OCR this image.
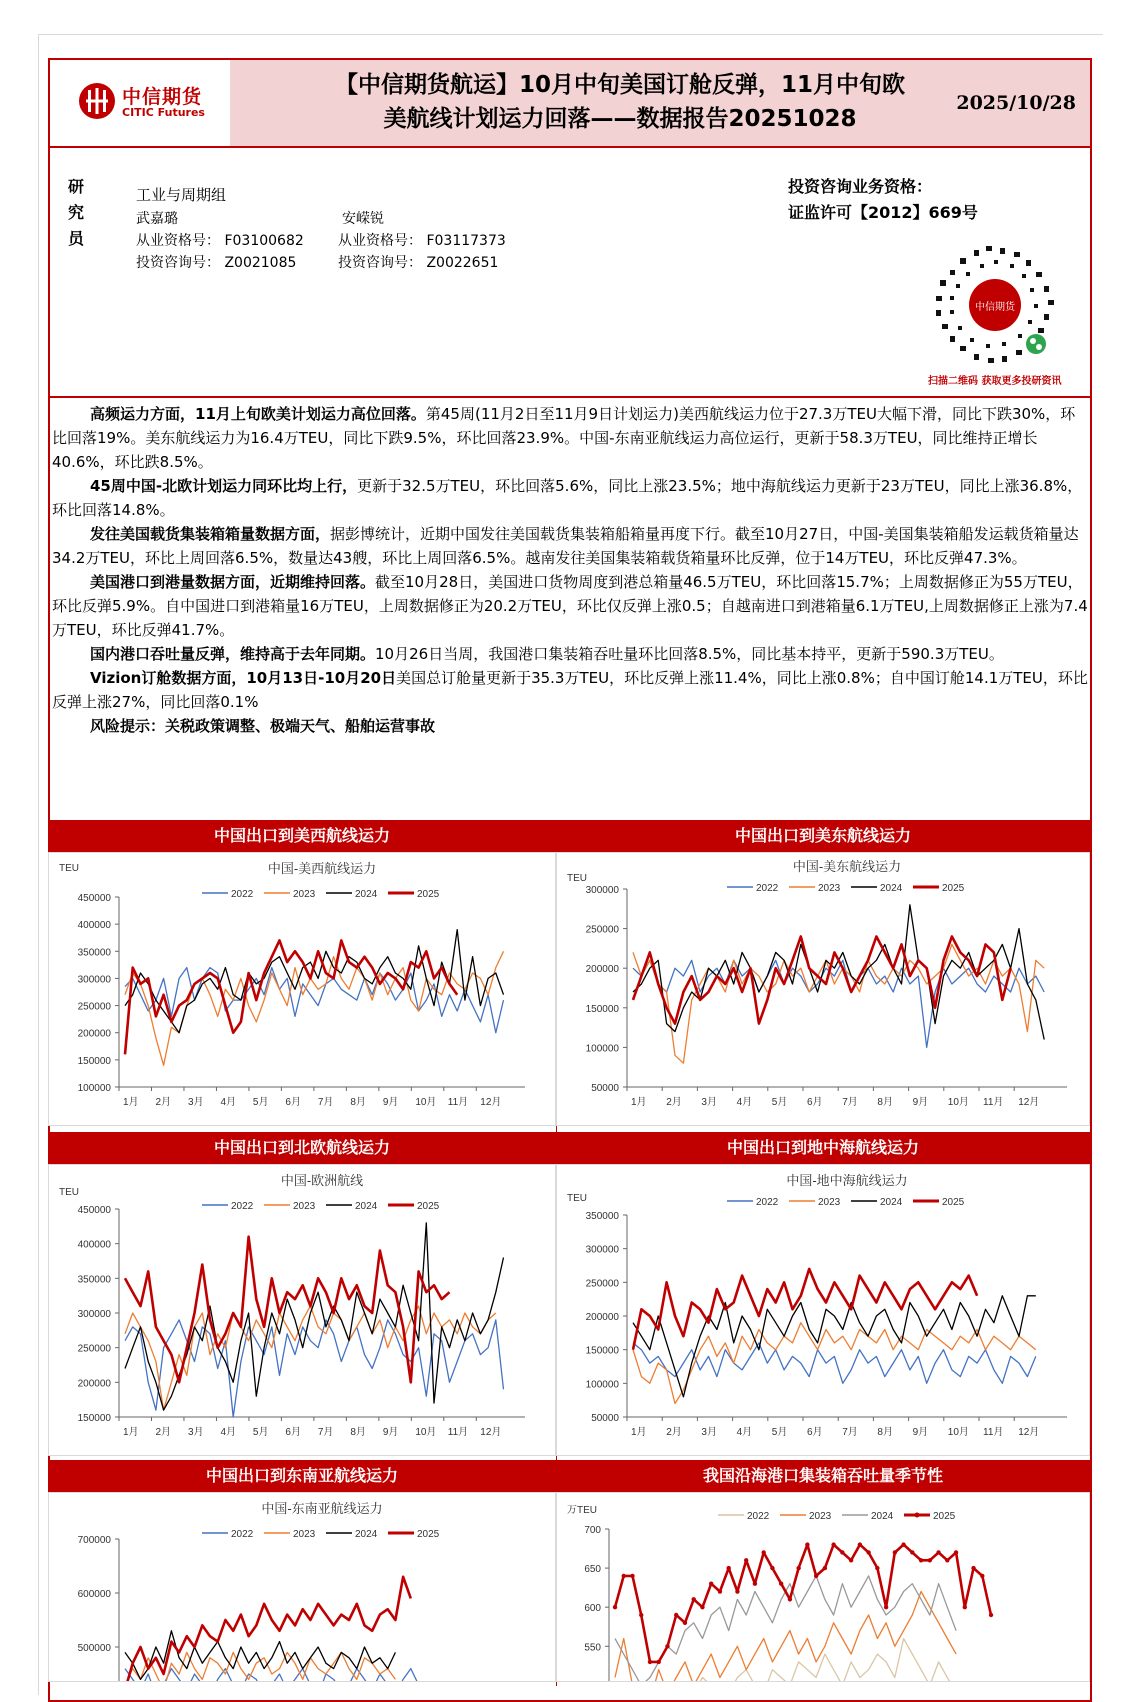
中信期货
CITIC Futures
【中信期货航运】10月中旬美国订舱反弹，11月中旬欧
美航线计划运力回落——数据报告20251028
2025/10/28
研究员
工业与周期组
武嘉璐
从业资格号： F03100682
投资咨询号： Z0021085
安嵘锐
从业资格号： F03117373
投资咨询号： Z0022651
投资咨询业务资格：
证监许可【2012】669号
中信期货
扫描二维码 获取更多投研资讯

高频运力方面，11月上旬欧美计划运力高位回落。第45周(11月2日至11月9日计划运力)美西航线运力位于27.3万TEU大幅下滑，同比下跌30%，环比回落19%。美东航线运力为16.4万TEU，同比下跌9.5%，环比回落23.9%。中国-东南亚航线运力高位运行，更新于58.3万TEU，同比维持正增长40.6%，环比跌8.5%。

45周中国-北欧计划运力同环比均上行，更新于32.5万TEU，环比回落5.6%，同比上涨23.5%；地中海航线运力更新于23万TEU，同比上涨36.8%，环比回落14.8%。

发往美国载货集装箱箱量数据方面，据彭博统计，近期中国发往美国载货集装箱船箱量再度下行。截至10月27日，中国-美国集装箱船发运载货箱量达34.2万TEU，环比上周回落6.5%，数量达43艘，环比上周回落6.5%。越南发往美国集装箱载货箱量环比反弹，位于14万TEU，环比反弹47.3%。

美国港口到港量数据方面，近期维持回落。截至10月28日，美国进口货物周度到港总箱量46.5万TEU，环比回落15.7%；上周数据修正为55万TEU，环比反弹5.9%。自中国进口到港箱量16万TEU，上周数据修正为20.2万TEU，环比仅反弹上涨0.5；自越南进口到港箱量6.1万TEU,上周数据修正上涨为7.4万TEU，环比反弹41.7%。

国内港口吞吐量反弹，维持高于去年同期。10月26日当周，我国港口集装箱吞吐量环比回落8.5%，同比基本持平，更新于590.3万TEU。

Vizion订舱数据方面，10月13日-10月20日美国总订舱量更新于35.3万TEU，环比反弹上涨11.4%，同比上涨0.8%；自中国订舱14.1万TEU，环比反弹上涨27%，同比回落0.1%

风险提示：关税政策调整、极端天气、船舶运营事故

中国出口到美西航线运力	中国出口到美东航线运力
中国出口到北欧航线运力	中国出口到地中海航线运力
中国出口到东南亚航线运力	我国沿海港口集装箱吞吐量季节性
中国-美西航线运力
TEU
2022	2023	2024	2025
100000
150000
200000
250000
300000
350000
400000
450000
1月 2月 3月 4月 5月 6月 7月 8月 9月 10月 11月 12月
中国-美东航线运力
TEU
2022	2023	2024	2025
50000
100000
150000
200000
250000
300000
1月 2月 3月 4月 5月 6月 7月 8月 9月 10月 11月 12月
中国-欧洲航线
TEU
2022	2023	2024	2025
150000
200000
250000
300000
350000
400000
450000
1月 2月 3月 4月 5月 6月 7月 8月 9月 10月 11月 12月
中国-地中海航线运力
TEU	2022	2023	2024	2025
50000
100000
150000
200000
250000
300000
350000
1月 2月 3月 4月 5月 6月 7月 8月 9月 10月 11月 12月
中国-东南亚航线运力
2022	2023	2024	2025
500000
600000
700000
万TEU
2022	2023	2024	2025
550
600
650
700
